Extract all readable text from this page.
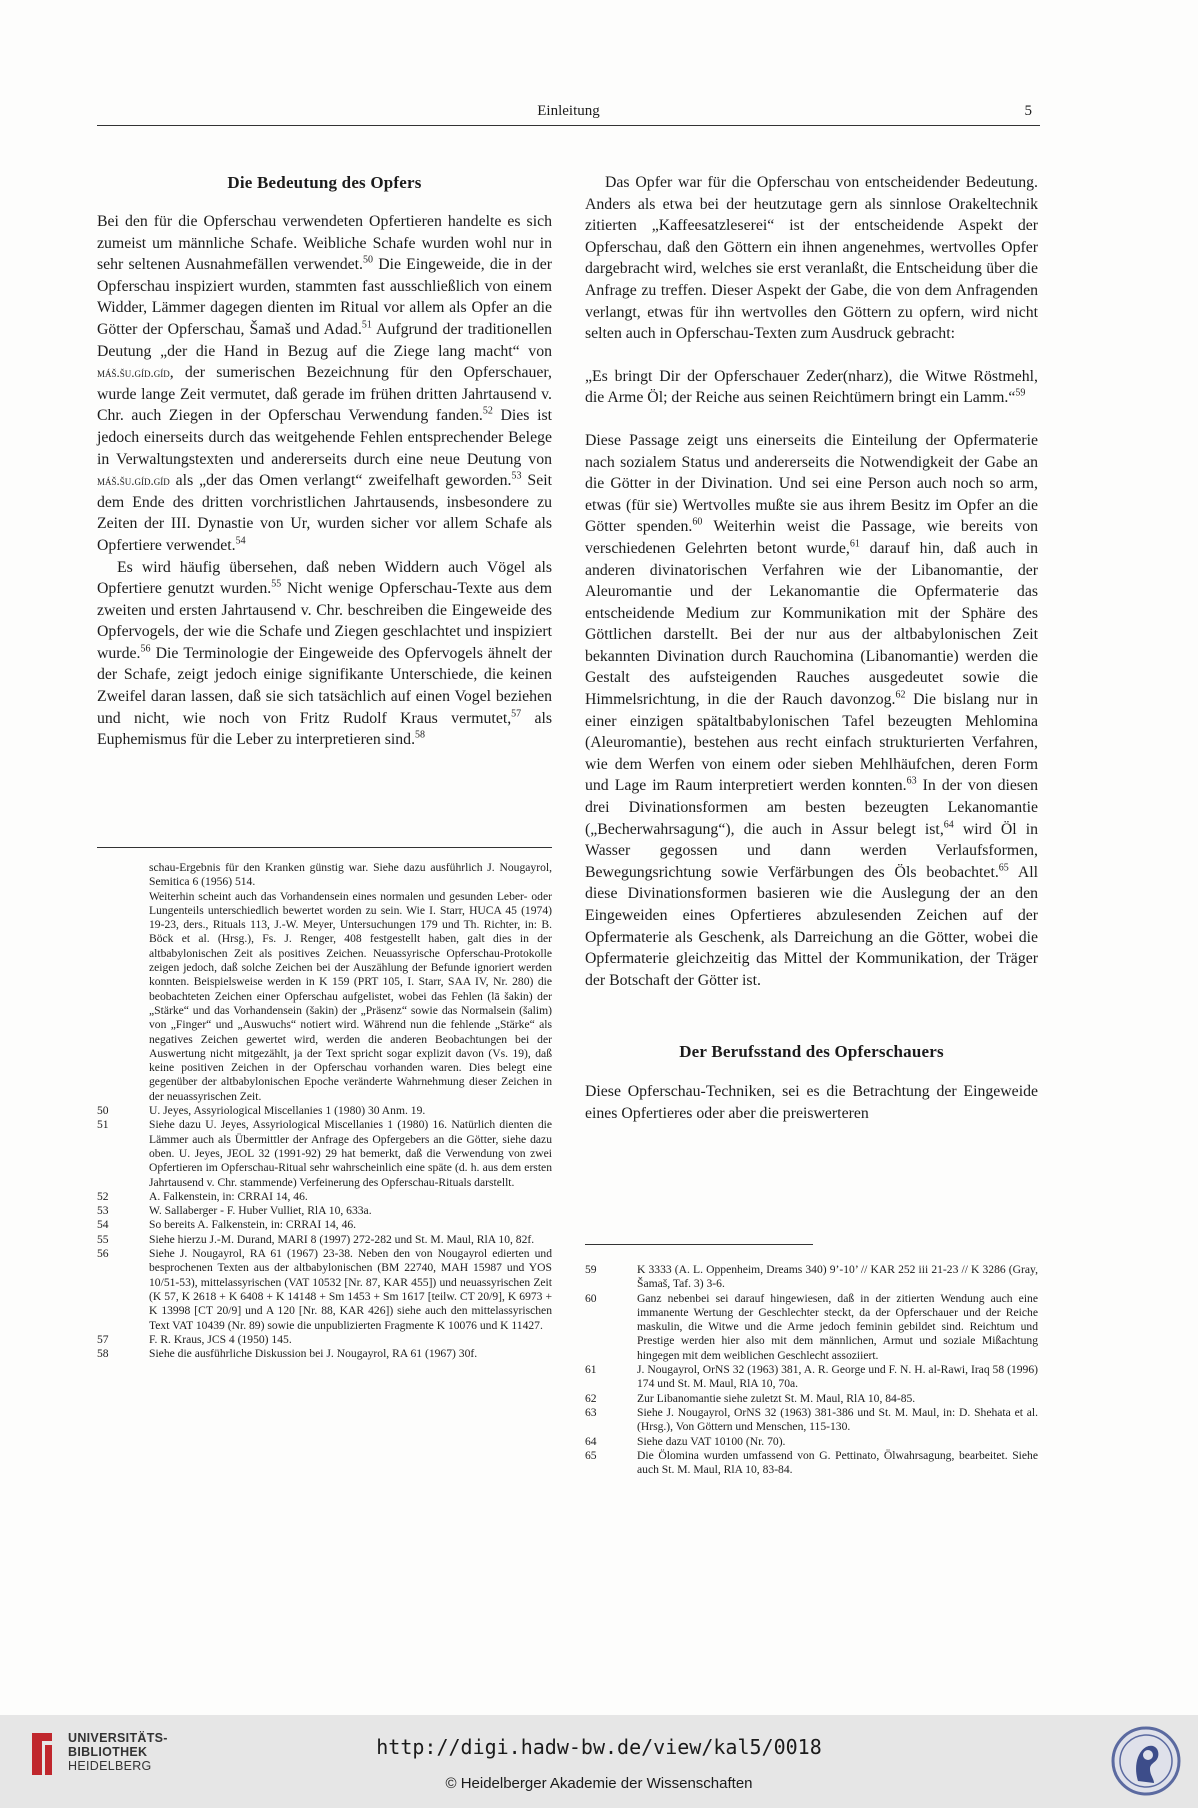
Einleitung	5
Die Bedeutung des Opfers

Bei den für die Opferschau verwendeten Opfertieren handelte es sich zumeist um männliche Schafe. Weibliche Schafe wurden wohl nur in sehr seltenen Ausnahmefällen verwendet.$^{50}$ Die Eingeweide, die in der Opferschau inspiziert wurden, stammten fast ausschließlich von einem Widder, Lämmer dagegen dienten im Ritual vor allem als Opfer an die Götter der Opferschau, Šamaš und Adad.$^{51}$ Aufgrund der traditionellen Deutung „der die Hand in Bezug auf die Ziege lang macht“ von máš.šu.gíd.gíd, der sumerischen Bezeichnung für den Opferschauer, wurde lange Zeit vermutet, daß gerade im frühen dritten Jahrtausend v. Chr. auch Ziegen in der Opferschau Verwendung fanden.$^{52}$ Dies ist jedoch einerseits durch das weitgehende Fehlen entsprechender Belege in Verwaltungstexten und andererseits durch eine neue Deutung von máš.šu.gíd.gíd als „der das Omen verlangt“ zweifelhaft geworden.$^{53}$ Seit dem Ende des dritten vorchristlichen Jahrtausends, insbesondere zu Zeiten der III. Dynastie von Ur, wurden sicher vor allem Schafe als Opfertiere verwendet.$^{54}$

Es wird häufig übersehen, daß neben Widdern auch Vögel als Opfertiere genutzt wurden.$^{55}$ Nicht wenige Opferschau-Texte aus dem zweiten und ersten Jahrtausend v. Chr. beschreiben die Eingeweide des Opfervogels, der wie die Schafe und Ziegen geschlachtet und inspiziert wurde.$^{56}$ Die Terminologie der Eingeweide des Opfervogels ähnelt der der Schafe, zeigt jedoch einige signifikante Unterschiede, die keinen Zweifel daran lassen, daß sie sich tatsächlich auf einen Vogel beziehen und nicht, wie noch von Fritz Rudolf Kraus vermutet,$^{57}$ als Euphemismus für die Leber zu interpretieren sind.$^{58}$

schau-Ergebnis für den Kranken günstig war. Siehe dazu ausführlich J. Nougayrol, Semitica 6 (1956) 514.
Weiterhin scheint auch das Vorhandensein eines normalen und gesunden Leber- oder Lungenteils unterschiedlich bewertet worden zu sein. Wie I. Starr, HUCA 45 (1974) 19-23, ders., Rituals 113, J.-W. Meyer, Untersuchungen 179 und Th. Richter, in: B. Böck et al. (Hrsg.), Fs. J. Renger, 408 festgestellt haben, galt dies in der altbabylonischen Zeit als positives Zeichen. Neuassyrische Opferschau-Protokolle zeigen jedoch, daß solche Zeichen bei der Auszählung der Befunde ignoriert werden konnten. Beispielsweise werden in K 159 (PRT 105, I. Starr, SAA IV, Nr. 280) die beobachteten Zeichen einer Opferschau aufgelistet, wobei das Fehlen (lā šakin) der „Stärke“ und das Vorhandensein (šakin) der „Präsenz“ sowie das Normalsein (šalim) von „Finger“ und „Auswuchs“ notiert wird. Während nun die fehlende „Stärke“ als negatives Zeichen gewertet wird, werden die anderen Beobachtungen bei der Auswertung nicht mitgezählt, ja der Text spricht sogar explizit davon (Vs. 19), daß keine positiven Zeichen in der Opferschau vorhanden waren. Dies belegt eine gegenüber der altbabylonischen Epoche veränderte Wahrnehmung dieser Zeichen in der neuassyrischen Zeit.
50	U. Jeyes, Assyriological Miscellanies 1 (1980) 30 Anm. 19.
51	Siehe dazu U. Jeyes, Assyriological Miscellanies 1 (1980) 16. Natürlich dienten die Lämmer auch als Übermittler der Anfrage des Opfergebers an die Götter, siehe dazu oben. U. Jeyes, JEOL 32 (1991-92) 29 hat bemerkt, daß die Verwendung von zwei Opfertieren im Opferschau-Ritual sehr wahrscheinlich eine späte (d. h. aus dem ersten Jahrtausend v. Chr. stammende) Verfeinerung des Opferschau-Rituals darstellt.
52	A. Falkenstein, in: CRRAI 14, 46.
53	W. Sallaberger - F. Huber Vulliet, RlA 10, 633a.
54	So bereits A. Falkenstein, in: CRRAI 14, 46.
55	Siehe hierzu J.-M. Durand, MARI 8 (1997) 272-282 und St. M. Maul, RlA 10, 82f.
56	Siehe J. Nougayrol, RA 61 (1967) 23-38. Neben den von Nougayrol edierten und besprochenen Texten aus der altbabylonischen (BM 22740, MAH 15987 und YOS 10/51-53), mittelassyrischen (VAT 10532 [Nr. 87, KAR 455]) und neuassyrischen Zeit (K 57, K 2618 + K 6408 + K 14148 + Sm 1453 + Sm 1617 [teilw. CT 20/9], K 6973 + K 13998 [CT 20/9] und A 120 [Nr. 88, KAR 426]) siehe auch den mittelassyrischen Text VAT 10439 (Nr. 89) sowie die unpublizierten Fragmente K 10076 und K 11427.
57	F. R. Kraus, JCS 4 (1950) 145.
58	Siehe die ausführliche Diskussion bei J. Nougayrol, RA 61 (1967) 30f.

Das Opfer war für die Opferschau von entscheidender Bedeutung. Anders als etwa bei der heutzutage gern als sinnlose Orakeltechnik zitierten „Kaffeesatzleserei“ ist der entscheidende Aspekt der Opferschau, daß den Göttern ein ihnen angenehmes, wertvolles Opfer dargebracht wird, welches sie erst veranlaßt, die Entscheidung über die Anfrage zu treffen. Dieser Aspekt der Gabe, die von dem Anfragenden verlangt, etwas für ihn wertvolles den Göttern zu opfern, wird nicht selten auch in Opferschau-Texten zum Ausdruck gebracht:

„Es bringt Dir der Opferschauer Zeder(nharz), die Witwe Röstmehl, die Arme Öl; der Reiche aus seinen Reichtümern bringt ein Lamm.“$^{59}$

Diese Passage zeigt uns einerseits die Einteilung der Opfermaterie nach sozialem Status und andererseits die Notwendigkeit der Gabe an die Götter in der Divination. Und sei eine Person auch noch so arm, etwas (für sie) Wertvolles mußte sie aus ihrem Besitz im Opfer an die Götter spenden.$^{60}$ Weiterhin weist die Passage, wie bereits von verschiedenen Gelehrten betont wurde,$^{61}$ darauf hin, daß auch in anderen divinatorischen Verfahren wie der Libanomantie, der Aleuromantie und der Lekanomantie die Opfermaterie das entscheidende Medium zur Kommunikation mit der Sphäre des Göttlichen darstellt. Bei der nur aus der altbabylonischen Zeit bekannten Divination durch Rauchomina (Libanomantie) werden die Gestalt des aufsteigenden Rauches ausgedeutet sowie die Himmelsrichtung, in die der Rauch davonzog.$^{62}$ Die bislang nur in einer einzigen spätaltbabylonischen Tafel bezeugten Mehlomina (Aleuromantie), bestehen aus recht einfach strukturierten Verfahren, wie dem Werfen von einem oder sieben Mehlhäufchen, deren Form und Lage im Raum interpretiert werden konnten.$^{63}$ In der von diesen drei Divinationsformen am besten bezeugten Lekanomantie („Becherwahrsagung“), die auch in Assur belegt ist,$^{64}$ wird Öl in Wasser gegossen und dann werden Verlaufsformen, Bewegungsrichtung sowie Verfärbungen des Öls beobachtet.$^{65}$ All diese Divinationsformen basieren wie die Auslegung der an den Eingeweiden eines Opfertieres abzulesenden Zeichen auf der Opfermaterie als Geschenk, als Darreichung an die Götter, wobei die Opfermaterie gleichzeitig das Mittel der Kommunikation, der Träger der Botschaft der Götter ist.

Der Berufsstand des Opferschauers

Diese Opferschau-Techniken, sei es die Betrachtung der Eingeweide eines Opfertieres oder aber die preiswerteren

59	K 3333 (A. L. Oppenheim, Dreams 340) 9’-10’ // KAR 252 iii 21-23 // K 3286 (Gray, Šamaš, Taf. 3) 3-6.
60	Ganz nebenbei sei darauf hingewiesen, daß in der zitierten Wendung auch eine immanente Wertung der Geschlechter steckt, da der Opferschauer und der Reiche maskulin, die Witwe und die Arme jedoch feminin gebildet sind. Reichtum und Prestige werden hier also mit dem männlichen, Armut und soziale Mißachtung hingegen mit dem weiblichen Geschlecht assoziiert.
61	J. Nougayrol, OrNS 32 (1963) 381, A. R. George und F. N. H. al-Rawi, Iraq 58 (1996) 174 und St. M. Maul, RlA 10, 70a.
62	Zur Libanomantie siehe zuletzt St. M. Maul, RlA 10, 84-85.
63	Siehe J. Nougayrol, OrNS 32 (1963) 381-386 und St. M. Maul, in: D. Shehata et al. (Hrsg.), Von Göttern und Menschen, 115-130.
64	Siehe dazu VAT 10100 (Nr. 70).
65	Die Ölomina wurden umfassend von G. Pettinato, Ölwahrsagung, bearbeitet. Siehe auch St. M. Maul, RlA 10, 83-84.
UNIVERSITÄTS-
BIBLIOTHEK
HEIDELBERG
http://digi.hadw-bw.de/view/kal5/0018
© Heidelberger Akademie der Wissenschaften
